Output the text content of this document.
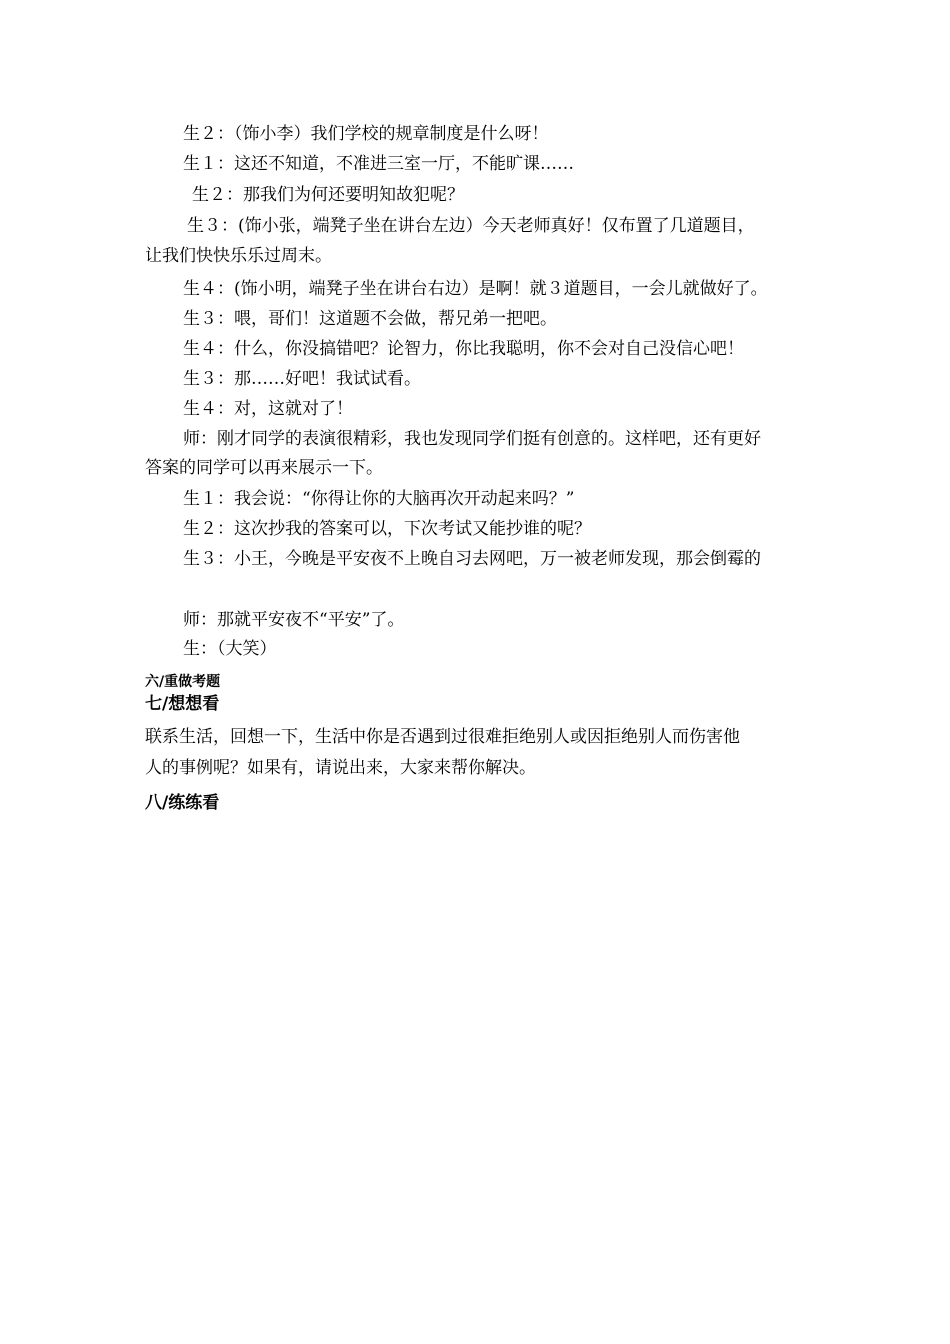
生２：（饰小李）我们学校的规章制度是什么呀！
生１：这还不知道，不准进三室一厅，不能旷课……
生２：那我们为何还要明知故犯呢？
生３：(饰小张，端凳子坐在讲台左边）今天老师真好！仅布置了几道题目，
让我们快快乐乐过周末。
生４：(饰小明，端凳子坐在讲台右边）是啊！就３道题目，一会儿就做好了。
生３：喂，哥们！这道题不会做，帮兄弟一把吧。
生４：什么，你没搞错吧？论智力，你比我聪明，你不会对自己没信心吧！
生３：那……好吧！我试试看。
生４：对，这就对了！
师：刚才同学的表演很精彩，我也发现同学们挺有创意的。这样吧，还有更好
答案的同学可以再来展示一下。
生１：我会说：“你得让你的大脑再次开动起来吗？”
生２：这次抄我的答案可以，下次考试又能抄谁的呢？
生３：小王，今晚是平安夜不上晚自习去网吧，万一被老师发现，那会倒霉的
师：那就平安夜不“平安”了。
生：（大笑）
六/重做考题
七/想想看
联系生活，回想一下，生活中你是否遇到过很难拒绝别人或因拒绝别人而伤害他
人的事例呢？如果有，请说出来，大家来帮你解决。
八/练练看
